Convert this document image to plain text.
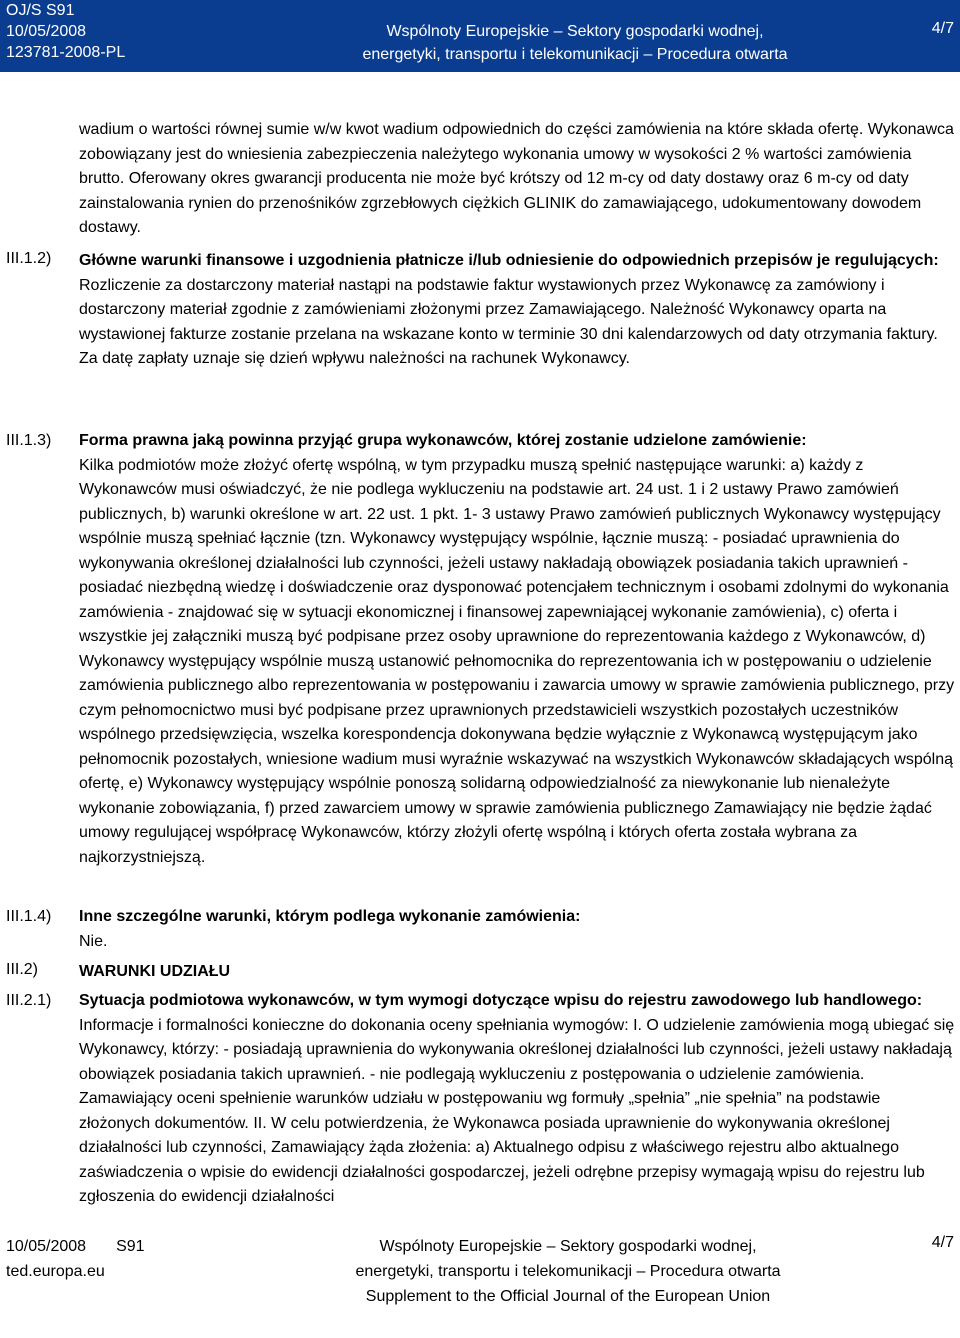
OJ/S S91
10/05/2008
123781-2008-PL
Wspólnoty Europejskie – Sektory gospodarki wodnej,
energetyki, transportu i telekomunikacji – Procedura otwarta
4/7
III.1.2)
III.1.3)
III.1.4)
III.2)
III.2.1)

wadium o wartości równej sumie w/w kwot wadium odpowiednich do części zamówienia na które składa ofertę. Wykonawca zobowiązany jest do wniesienia zabezpieczenia należytego wykonania umowy w wysokości 2 % wartości zamówienia brutto. Oferowany okres gwarancji producenta nie może być krótszy od 12 m-cy od daty dostawy oraz 6 m-cy od daty zainstalowania rynien do przenośników zgrzebłowych ciężkich GLINIK do zamawiającego, udokumentowany dowodem dostawy.

Główne warunki finansowe i uzgodnienia płatnicze i/lub odniesienie do odpowiednich przepisów je regulujących:

Rozliczenie za dostarczony materiał nastąpi na podstawie faktur wystawionych przez Wykonawcę za zamówiony i dostarczony materiał zgodnie z zamówieniami złożonymi przez Zamawiającego. Należność Wykonawcy oparta na wystawionej fakturze zostanie przelana na wskazane konto w terminie 30 dni kalendarzowych od daty otrzymania faktury. Za datę zapłaty uznaje się dzień wpływu należności na rachunek Wykonawcy.

Forma prawna jaką powinna przyjąć grupa wykonawców, której zostanie udzielone zamówienie:

Kilka podmiotów może złożyć ofertę wspólną, w tym przypadku muszą spełnić następujące warunki: a) każdy z Wykonawców musi oświadczyć, że nie podlega wykluczeniu na podstawie art. 24 ust. 1 i 2 ustawy Prawo zamówień publicznych, b) warunki określone w art. 22 ust. 1 pkt. 1- 3 ustawy Prawo zamówień publicznych Wykonawcy występujący wspólnie muszą spełniać łącznie (tzn. Wykonawcy występujący wspólnie, łącznie muszą: - posiadać uprawnienia do wykonywania określonej działalności lub czynności, jeżeli ustawy nakładają obowiązek posiadania takich uprawnień - posiadać niezbędną wiedzę i doświadczenie oraz dysponować potencjałem technicznym i osobami zdolnymi do wykonania zamówienia - znajdować się w sytuacji ekonomicznej i finansowej zapewniającej wykonanie zamówienia), c) oferta i wszystkie jej załączniki muszą być podpisane przez osoby uprawnione do reprezentowania każdego z Wykonawców, d) Wykonawcy występujący wspólnie muszą ustanowić pełnomocnika do reprezentowania ich w postępowaniu o udzielenie zamówienia publicznego albo reprezentowania w postępowaniu i zawarcia umowy w sprawie zamówienia publicznego, przy czym pełnomocnictwo musi być podpisane przez uprawnionych przedstawicieli wszystkich pozostałych uczestników wspólnego przedsięwzięcia, wszelka korespondencja dokonywana będzie wyłącznie z Wykonawcą występującym jako pełnomocnik pozostałych, wniesione wadium musi wyraźnie wskazywać na wszystkich Wykonawców składających wspólną ofertę, e) Wykonawcy występujący wspólnie ponoszą solidarną odpowiedzialność za niewykonanie lub nienależyte wykonanie zobowiązania, f) przed zawarciem umowy w sprawie zamówienia publicznego Zamawiający nie będzie żądać umowy regulującej współpracę Wykonawców, którzy złożyli ofertę wspólną i których oferta została wybrana za najkorzystniejszą.

Inne szczególne warunki, którym podlega wykonanie zamówienia:

Nie.

WARUNKI UDZIAŁU

Sytuacja podmiotowa wykonawców, w tym wymogi dotyczące wpisu do rejestru zawodowego lub handlowego:

Informacje i formalności konieczne do dokonania oceny spełniania wymogów: I. O udzielenie zamówienia mogą ubiegać się Wykonawcy, którzy: - posiadają uprawnienia do wykonywania określonej działalności lub czynności, jeżeli ustawy nakładają obowiązek posiadania takich uprawnień. - nie podlegają wykluczeniu z postępowania o udzielenie zamówienia. Zamawiający oceni spełnienie warunków udziału w postępowaniu wg formuły „spełnia” „nie spełnia” na podstawie złożonych dokumentów. II. W celu potwierdzenia, że Wykonawca posiada uprawnienie do wykonywania określonej działalności lub czynności, Zamawiający żąda złożenia: a) Aktualnego odpisu z właściwego rejestru albo aktualnego zaświadczenia o wpisie do ewidencji działalności gospodarczej, jeżeli odrębne przepisy wymagają wpisu do rejestru lub zgłoszenia do ewidencji działalności

10/05/2008 S91
ted.europa.eu
Wspólnoty Europejskie – Sektory gospodarki wodnej,
energetyki, transportu i telekomunikacji – Procedura otwarta
Supplement to the Official Journal of the European Union
4/7
